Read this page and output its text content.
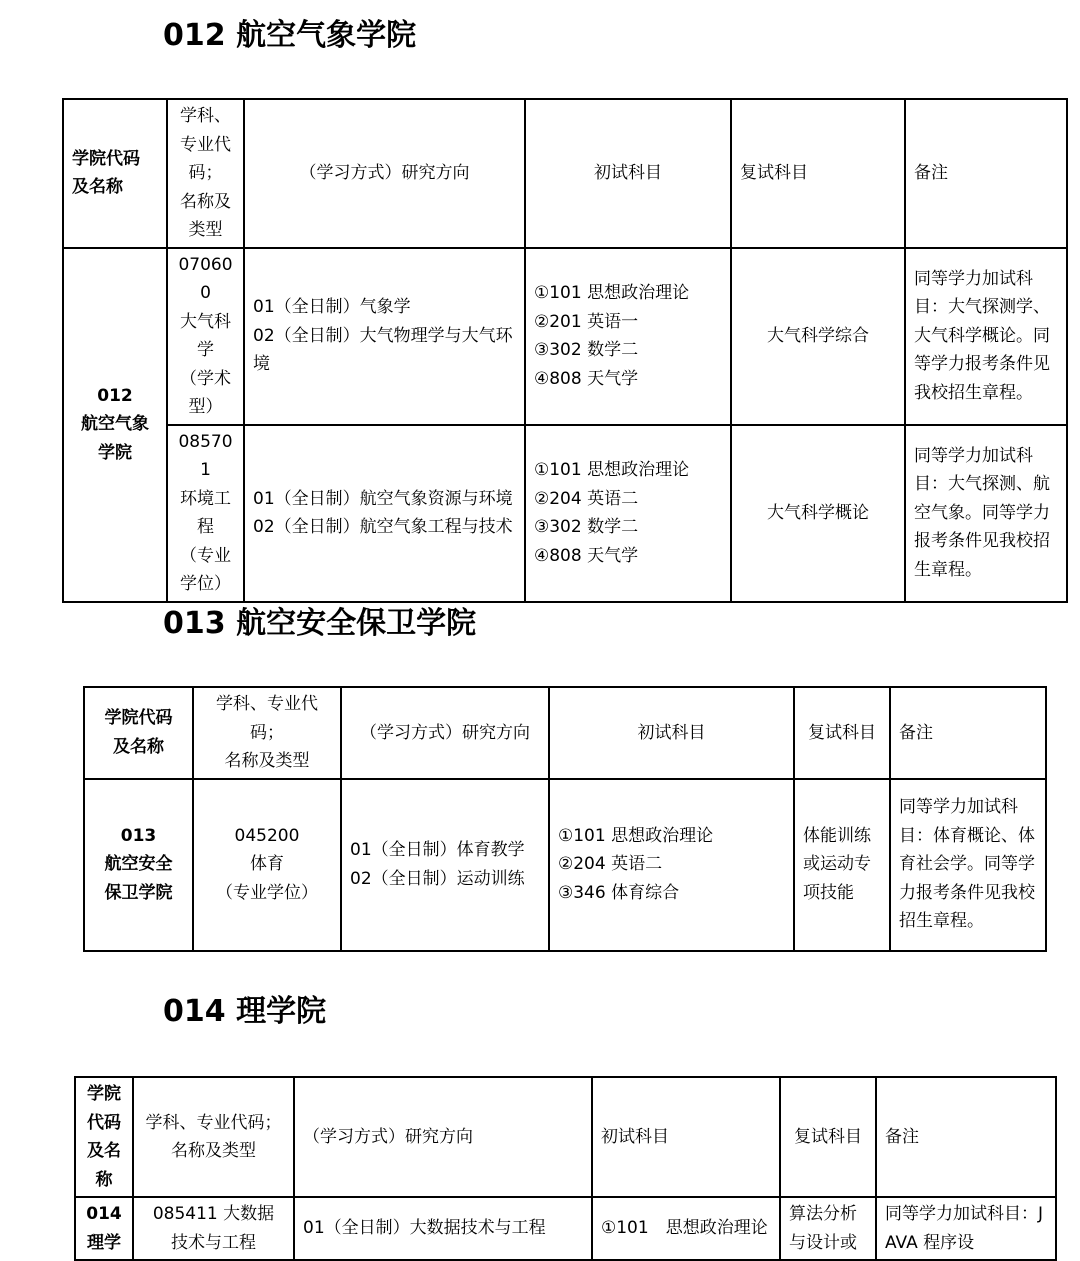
012 航空气象学院
学院代码
及名称	学科、
专业代
码；
名称及
类型	（学习方式）研究方向	初试科目	复试科目	备注
012
航空气象
学院	070600
大气科
学
（学术
型）	01（全日制）气象学
02（全日制）大气物理学与大气环境	①101 思想政治理论
②201 英语一
③302 数学二
④808 天气学	大气科学综合	同等学力加试科目：大气探测学、大气科学概论。同等学力报考条件见我校招生章程。
	085701
环境工
程
（专业
学位）	01（全日制）航空气象资源与环境
02（全日制）航空气象工程与技术	①101 思想政治理论
②204 英语二
③302 数学二
④808 天气学	大气科学概论	同等学力加试科目：大气探测、航空气象。同等学力报考条件见我校招生章程。
013 航空安全保卫学院
学院代码
及名称	学科、专业代
码；
名称及类型	（学习方式）研究方向	初试科目	复试科目	备注
013
航空安全
保卫学院	045200
体育
（专业学位）	01（全日制）体育教学
02（全日制）运动训练	①101 思想政治理论
②204 英语二
③346 体育综合	体能训练或运动专项技能	同等学力加试科目：体育概论、体育社会学。同等学力报考条件见我校招生章程。
014 理学院
学院
代码
及名
称	学科、专业代码；
名称及类型	（学习方式）研究方向	初试科目	复试科目	备注
014
理学	085411 大数据
技术与工程	01（全日制）大数据技术与工程	①101　思想政治理论	算法分析与设计或	同等学力加试科目：JAVA 程序设
